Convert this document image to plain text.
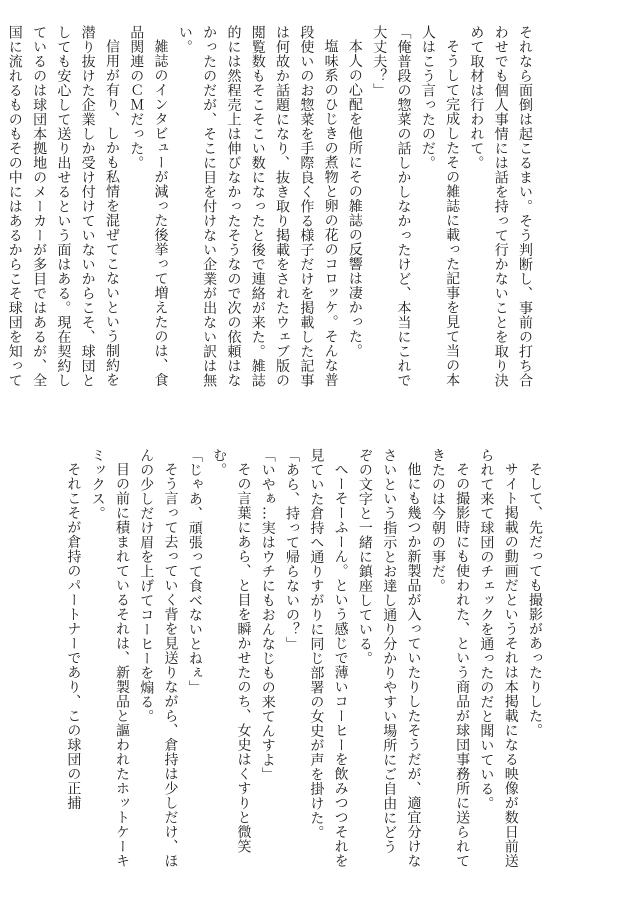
それなら面倒は起こるまい。そう判断し、事前の打ち合わせでも個人事情には話を持って行かないことを取り決めて取材は行われて。

そうして完成したその雑誌に載った記事を見て当の本人はこう言ったのだ。

「俺普段の惣菜の話しかしなかったけど、本当にこれで大丈夫？」

本人の心配を他所にその雑誌の反響は凄かった。

塩味系のひじきの煮物と卵の花のコロッケ。そんな普段使いのお惣菜を手際良く作る様子だけを掲載した記事は何故か話題になり、抜き取り掲載をされたウェブ版の閲覧数もそこそこい数になったと後で連絡が来た。雑誌的には然程売上は伸びなかったそうなので次の依頼はなかったのだが、そこに目を付けない企業が出ない訳は無い。

雑誌のインタビューが減った後挙って増えたのは、食品関連のＣＭだった。

信用が有り、しかも私情を混ぜてこないという制約を潜り抜けた企業しか受け付けていないからこそ、球団としても安心して送り出せるという面はある。現在契約しているのは球団本拠地のメーカーが多目ではあるが、全国に流れるものもその中にはあるからこそ球団を知って

そして、先だっても撮影があったりした。

サイト掲載の動画だというそれは本掲載になる映像が数日前送られて来て球団のチェックを通ったのだと聞いている。

その撮影時にも使われた、という商品が球団事務所に送られてきたのは今朝の事だ。

他にも幾つか新製品が入っていたりしたそうだが、適宜分けなさいという指示とお達し通り分かりやすい場所にご自由にどうぞの文字と一緒に鎮座している。

へーそーふーん。という感じで薄いコーヒーを飲みつつそれを見ていた倉持へ通りすがりに同じ部署の女史が声を掛けた。

「あら、持って帰らないの？」

「いやぁ…実はウチにもおんなじもの来てんすよ」

その言葉にあら、と目を瞬かせたのち、女史はくすりと微笑む。

「じゃあ、頑張って食べないとねぇ」

そう言って去っていく背を見送りながら、倉持は少しだけ、ほんの少しだけ眉を上げてコーヒーを煽る。

目の前に積まれているそれは、新製品と謳われたホットケーキミックス。

それこそが倉持のパートナーであり、この球団の正捕
